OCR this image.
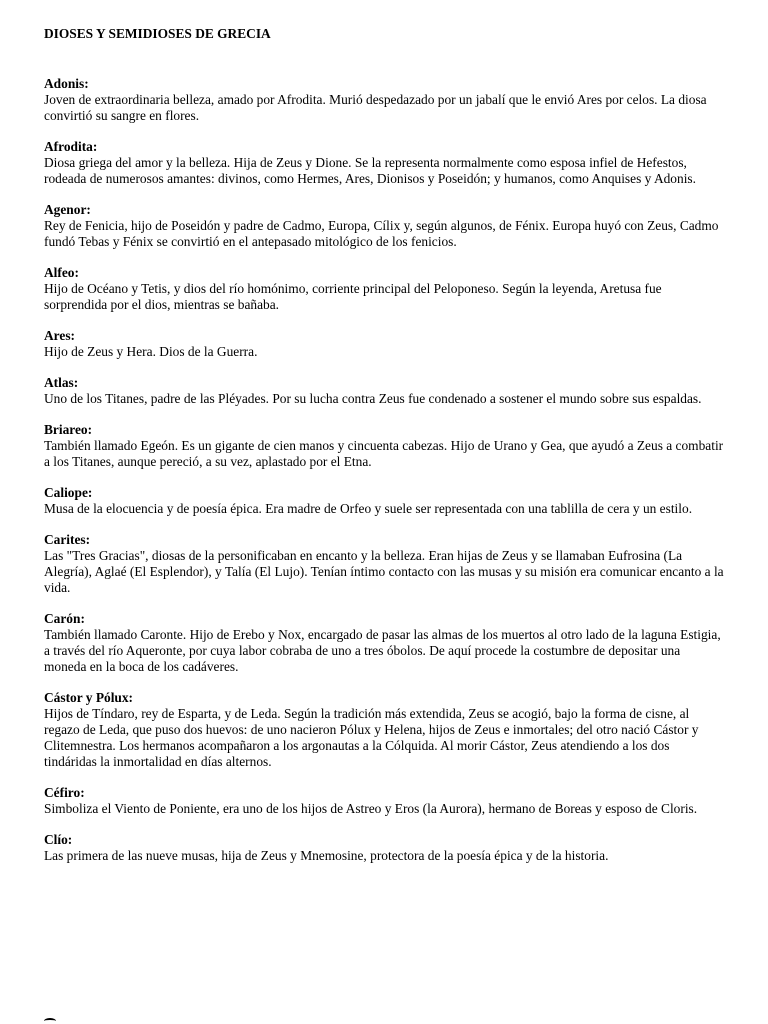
DIOSES Y SEMIDIOSES DE GRECIA
Adonis:
Joven de extraordinaria belleza, amado por Afrodita. Murió despedazado por un jabalí que le envió Ares por celos. La diosa convirtió su sangre en flores.
Afrodita:
Diosa griega del amor y la belleza. Hija de Zeus y Dione. Se la representa normalmente como esposa infiel de Hefestos, rodeada de numerosos amantes: divinos, como Hermes, Ares, Dionisos y Poseidón; y humanos, como Anquises y Adonis.
Agenor:
Rey de Fenicia, hijo de Poseidón y padre de Cadmo, Europa, Cílix y, según algunos, de Fénix. Europa huyó con Zeus, Cadmo fundó Tebas y Fénix se convirtió en el antepasado mitológico de los fenicios.
Alfeo:
Hijo de Océano y Tetis, y dios del río homónimo, corriente principal del Peloponeso. Según la leyenda, Aretusa fue sorprendida por el dios, mientras se bañaba.
Ares:
Hijo de Zeus y Hera. Dios de la Guerra.
Atlas:
Uno de los Titanes, padre de las Pléyades. Por su lucha contra Zeus fue condenado a sostener el mundo sobre sus espaldas.
Briareo:
También llamado Egeón. Es un gigante de cien manos y cincuenta cabezas. Hijo de Urano y Gea, que ayudó a Zeus a combatir a los Titanes, aunque pereció, a su vez, aplastado por el Etna.
Caliope:
Musa de la elocuencia y de poesía épica. Era madre de Orfeo y suele ser representada con una tablilla de cera y un estilo.
Carites:
Las "Tres Gracias", diosas de la personificaban en encanto y la belleza. Eran hijas de Zeus y se llamaban Eufrosina (La Alegría), Aglaé (El Esplendor), y Talía (El Lujo). Tenían íntimo contacto con las musas y su misión era comunicar encanto a la vida.
Carón:
También llamado Caronte. Hijo de Erebo y Nox, encargado de pasar las almas de los muertos al otro lado de la laguna Estigia, a través del río Aqueronte, por cuya labor cobraba de uno a tres óbolos. De aquí procede la costumbre de depositar una moneda en la boca de los cadáveres.
Cástor y Pólux:
Hijos de Tíndaro, rey de Esparta, y de Leda. Según la tradición más extendida, Zeus se acogió, bajo la forma de cisne, al regazo de Leda, que puso dos huevos: de uno nacieron Pólux y Helena, hijos de Zeus e inmortales; del otro nació Cástor y Clitemnestra. Los hermanos acompañaron a los argonautas a la Cólquida. Al morir Cástor, Zeus atendiendo a los dos tindáridas la inmortalidad en días alternos.
Céfiro:
Simboliza el Viento de Poniente, era uno de los hijos de Astreo y Eros (la Aurora), hermano de Boreas y esposo de Cloris.
Clío:
Las primera de las nueve musas, hija de Zeus y Mnemosine, protectora de la poesía épica y de la historia.
